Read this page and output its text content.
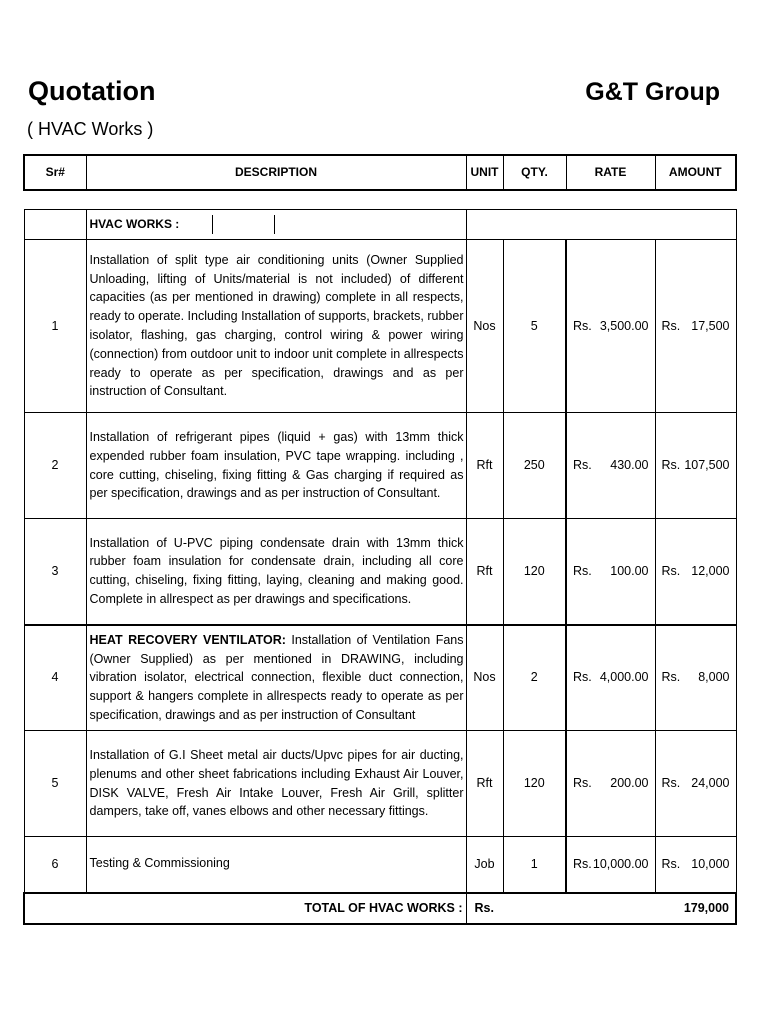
Quotation	G&T Group
( HVAC Works )
Sr#	DESCRIPTION	UNIT	QTY.	RATE	AMOUNT

HVAC WORKS :		

1	Installation of split type air conditioning units (Owner Supplied Unloading, lifting of Units/material is not included) of different capacities (as per mentioned in drawing) complete in all respects, ready to operate. Including Installation of supports, brackets, rubber isolator, flashing, gas charging, control wiring & power wiring (connection) from outdoor unit to indoor unit complete in allrespects ready to operate as per specification, drawings and as per instruction of Consultant.	Nos	5	Rs. 3,500.00	Rs. 17,500

2	Installation of refrigerant pipes (liquid + gas) with 13mm thick expended rubber foam insulation, PVC tape wrapping. including , core cutting, chiseling, fixing fitting & Gas charging if required as per specification, drawings and as per instruction of Consultant.	Rft	250	Rs. 430.00	Rs. 107,500

3	Installation of U-PVC piping condensate drain with 13mm thick rubber foam insulation for condensate drain, including all core cutting, chiseling, fixing fitting, laying, cleaning and making good. Complete in allrespect as per drawings and specifications.	Rft	120	Rs. 100.00	Rs. 12,000

4	HEAT RECOVERY VENTILATOR: Installation of Ventilation Fans (Owner Supplied) as per mentioned in DRAWING, including vibration isolator, electrical connection, flexible duct connection, support & hangers complete in allrespects ready to operate as per specification, drawings and as per instruction of Consultant	Nos	2	Rs. 4,000.00	Rs. 8,000

5	Installation of G.I Sheet metal air ducts/Upvc pipes for air ducting, plenums and other sheet fabrications including Exhaust Air Louver, DISK VALVE, Fresh Air Intake Louver, Fresh Air Grill, splitter dampers, take off, vanes elbows and other necessary fittings.	Rft	120	Rs. 200.00	Rs. 24,000

6	Testing & Commissioning	Job	1	Rs. 10,000.00	Rs. 10,000

TOTAL OF HVAC WORKS :	Rs.	179,000
